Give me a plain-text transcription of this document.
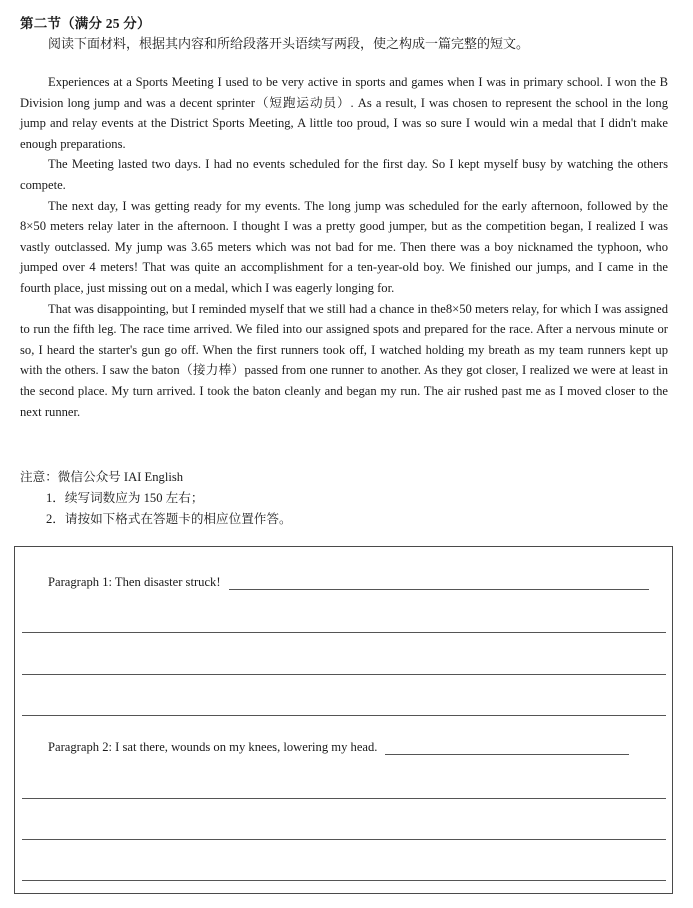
第二节（满分 25 分）
阅读下面材料，根据其内容和所给段落开头语续写两段，使之构成一篇完整的短文。

Experiences at a Sports Meeting I used to be very active in sports and games when I was in primary school. I won the B Division long jump and was a decent sprinter（短跑运动员）. As a result, I was chosen to represent the school in the long jump and relay events at the District Sports Meeting, A little too proud, I was so sure I would win a medal that I didn't make enough preparations.

The Meeting lasted two days. I had no events scheduled for the first day. So I kept myself busy by watching the others compete.

The next day, I was getting ready for my events. The long jump was scheduled for the early afternoon, followed by the 8×50 meters relay later in the afternoon. I thought I was a pretty good jumper, but as the competition began, I realized I was vastly outclassed. My jump was 3.65 meters which was not bad for me. Then there was a boy nicknamed the typhoon, who jumped over 4 meters! That was quite an accomplishment for a ten-year-old boy. We finished our jumps, and I came in the fourth place, just missing out on a medal, which I was eagerly longing for.

That was disappointing, but I reminded myself that we still had a chance in the8×50 meters relay, for which I was assigned to run the fifth leg. The race time arrived. We filed into our assigned spots and prepared for the race. After a nervous minute or so, I heard the starter's gun go off. When the first runners took off, I watched holding my breath as my team runners kept up with the others. I saw the baton（接力棒）passed from one runner to another. As they got closer, I realized we were at least in the second place. My turn arrived. I took the baton cleanly and began my run. The air rushed past me as I moved closer to the next runner.

注意：微信公众号 IAI English
1．续写词数应为 150 左右；
2．请按如下格式在答题卡的相应位置作答。
Paragraph 1: Then disaster struck!
Paragraph 2: I sat there, wounds on my knees, lowering my head.
